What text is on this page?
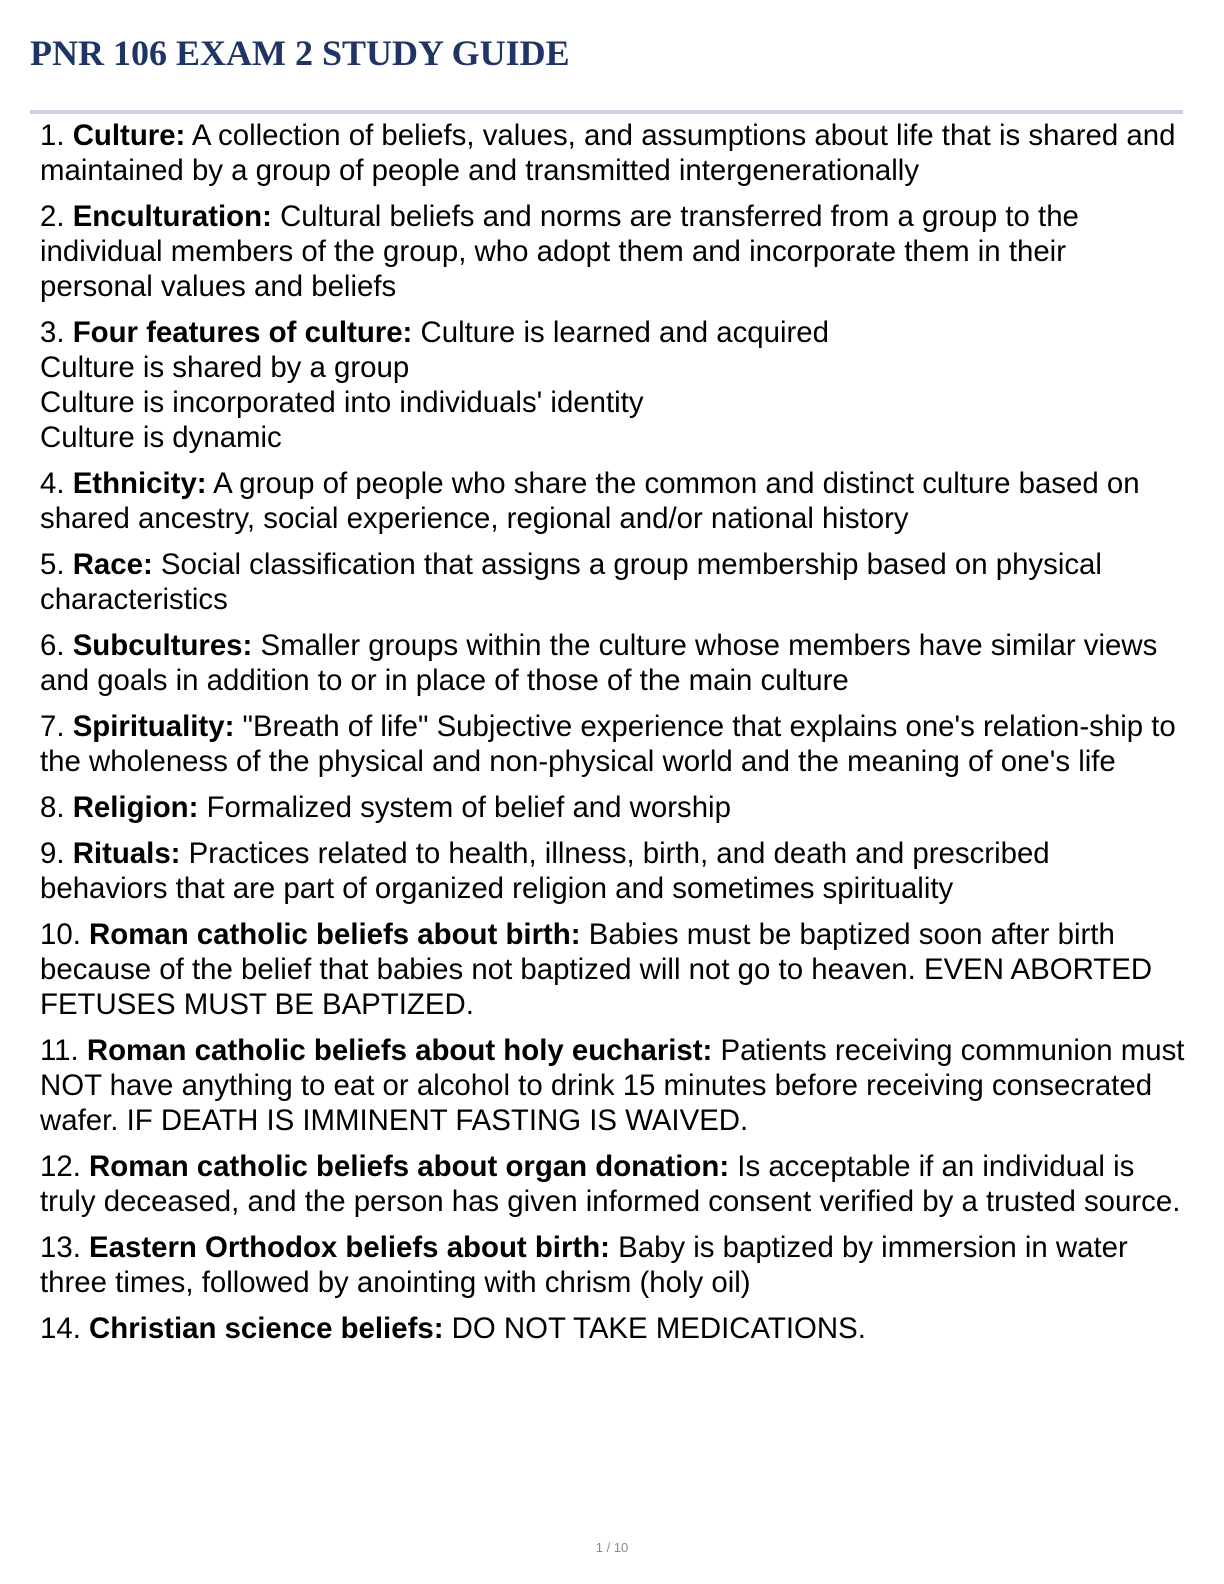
PNR 106 EXAM 2 STUDY GUIDE

1. Culture: A collection of beliefs, values, and assumptions about life that is shared and maintained by a group of people and transmitted intergenerationally

2. Enculturation: Cultural beliefs and norms are transferred from a group to the individual members of the group, who adopt them and incorporate them in their personal values and beliefs

3. Four features of culture: Culture is learned and acquired
Culture is shared by a group
Culture is incorporated into individuals' identity
Culture is dynamic

4. Ethnicity: A group of people who share the common and distinct culture based on shared ancestry, social experience, regional and/or national history

5. Race: Social classification that assigns a group membership based on physical characteristics

6. Subcultures: Smaller groups within the culture whose members have similar views and goals in addition to or in place of those of the main culture

7. Spirituality: "Breath of life" Subjective experience that explains one's relation-ship to the wholeness of the physical and non-physical world and the meaning of one's life

8. Religion: Formalized system of belief and worship

9. Rituals: Practices related to health, illness, birth, and death and prescribed behaviors that are part of organized religion and sometimes spirituality

10. Roman catholic beliefs about birth: Babies must be baptized soon after birth because of the belief that babies not baptized will not go to heaven. EVEN ABORTED FETUSES MUST BE BAPTIZED.

11. Roman catholic beliefs about holy eucharist: Patients receiving communion must NOT have anything to eat or alcohol to drink 15 minutes before receiving consecrated wafer. IF DEATH IS IMMINENT FASTING IS WAIVED.

12. Roman catholic beliefs about organ donation: Is acceptable if an individual is truly deceased, and the person has given informed consent verified by a trusted source.

13. Eastern Orthodox beliefs about birth: Baby is baptized by immersion in water three times, followed by anointing with chrism (holy oil)

14. Christian science beliefs: DO NOT TAKE MEDICATIONS.

1 / 10
